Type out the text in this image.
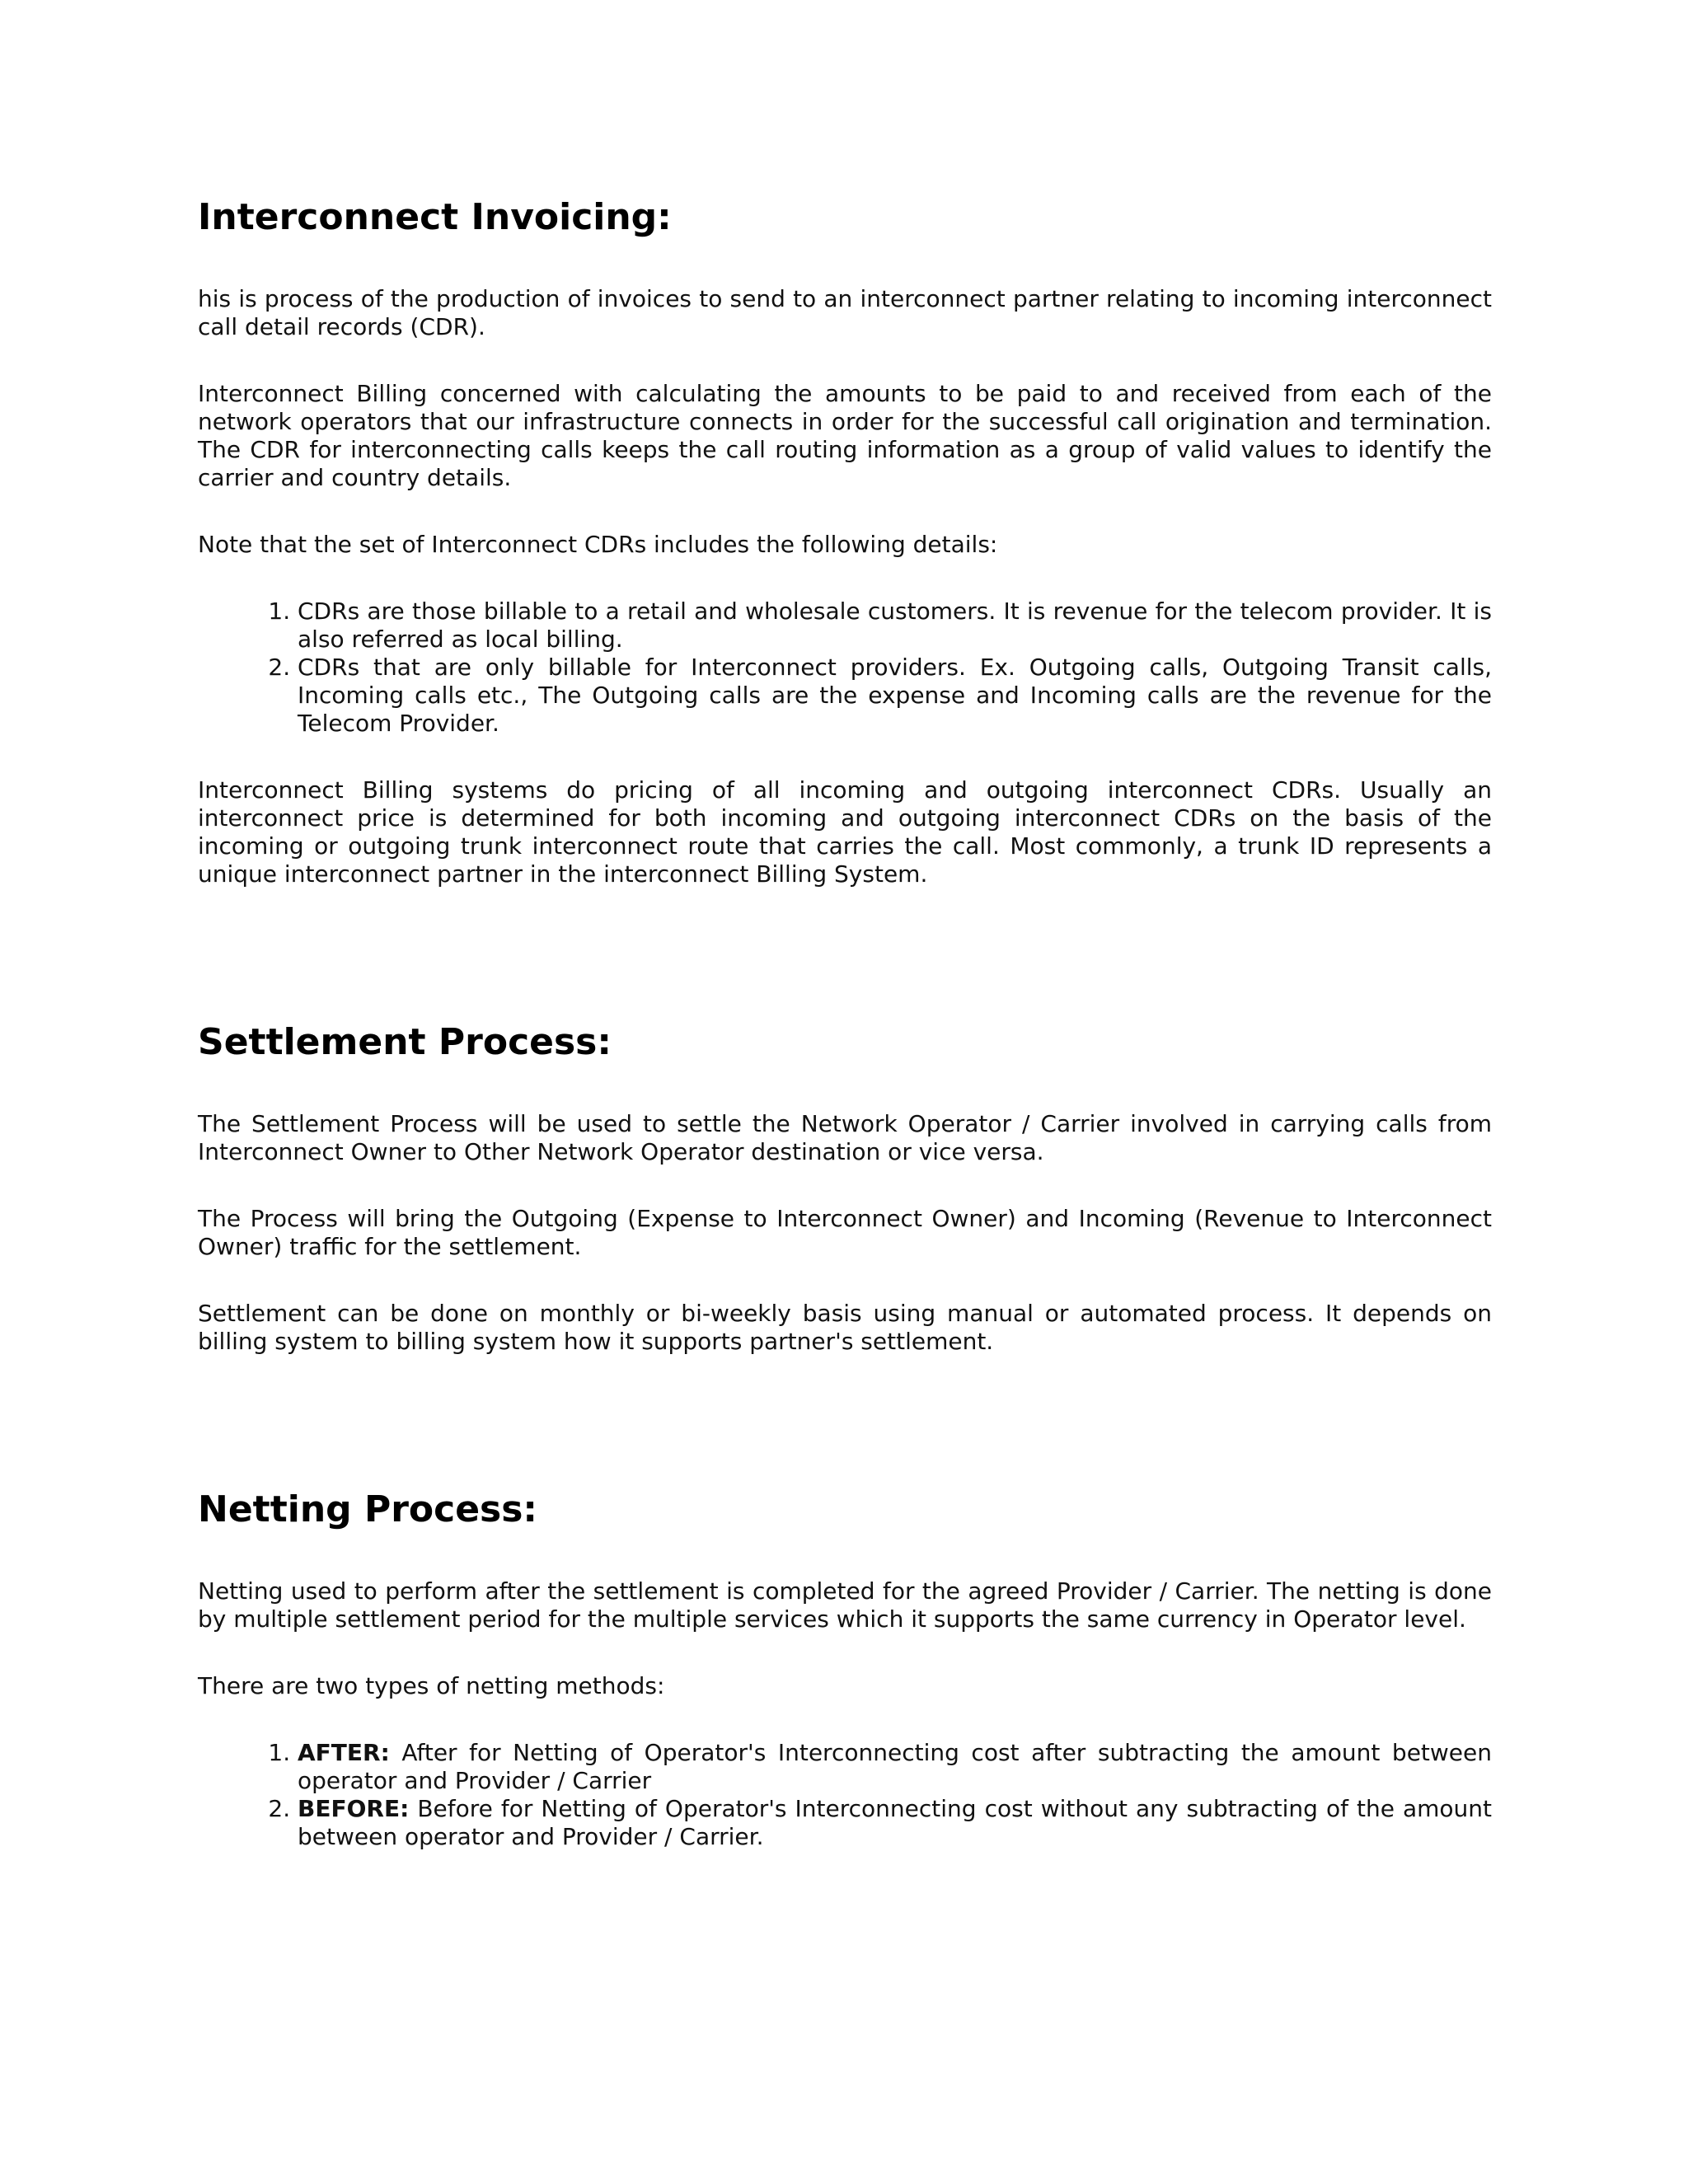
Interconnect Invoicing:

his is process of the production of invoices to send to an interconnect partner relating to incoming interconnect call detail records (CDR).

Interconnect Billing concerned with calculating the amounts to be paid to and received from each of the network operators that our infrastructure connects in order for the successful call origination and termination. The CDR for interconnecting calls keeps the call routing information as a group of valid values to identify the carrier and country details.

Note that the set of Interconnect CDRs includes the following details:

1. CDRs are those billable to a retail and wholesale customers. It is revenue for the telecom provider. It is also referred as local billing.
2. CDRs that are only billable for Interconnect providers. Ex. Outgoing calls, Outgoing Transit calls, Incoming calls etc., The Outgoing calls are the expense and Incoming calls are the revenue for the Telecom Provider.

Interconnect Billing systems do pricing of all incoming and outgoing interconnect CDRs. Usually an interconnect price is determined for both incoming and outgoing interconnect CDRs on the basis of the incoming or outgoing trunk interconnect route that carries the call. Most commonly, a trunk ID represents a unique interconnect partner in the interconnect Billing System.

Settlement Process:

The Settlement Process will be used to settle the Network Operator / Carrier involved in carrying calls from Interconnect Owner to Other Network Operator destination or vice versa.

The Process will bring the Outgoing (Expense to Interconnect Owner) and Incoming (Revenue to Interconnect Owner) traffic for the settlement.

Settlement can be done on monthly or bi-weekly basis using manual or automated process. It depends on billing system to billing system how it supports partner's settlement.

Netting Process:

Netting used to perform after the settlement is completed for the agreed Provider / Carrier. The netting is done by multiple settlement period for the multiple services which it supports the same currency in Operator level.

There are two types of netting methods:

1. AFTER: After for Netting of Operator's Interconnecting cost after subtracting the amount between operator and Provider / Carrier
2. BEFORE: Before for Netting of Operator's Interconnecting cost without any subtracting of the amount between operator and Provider / Carrier.
